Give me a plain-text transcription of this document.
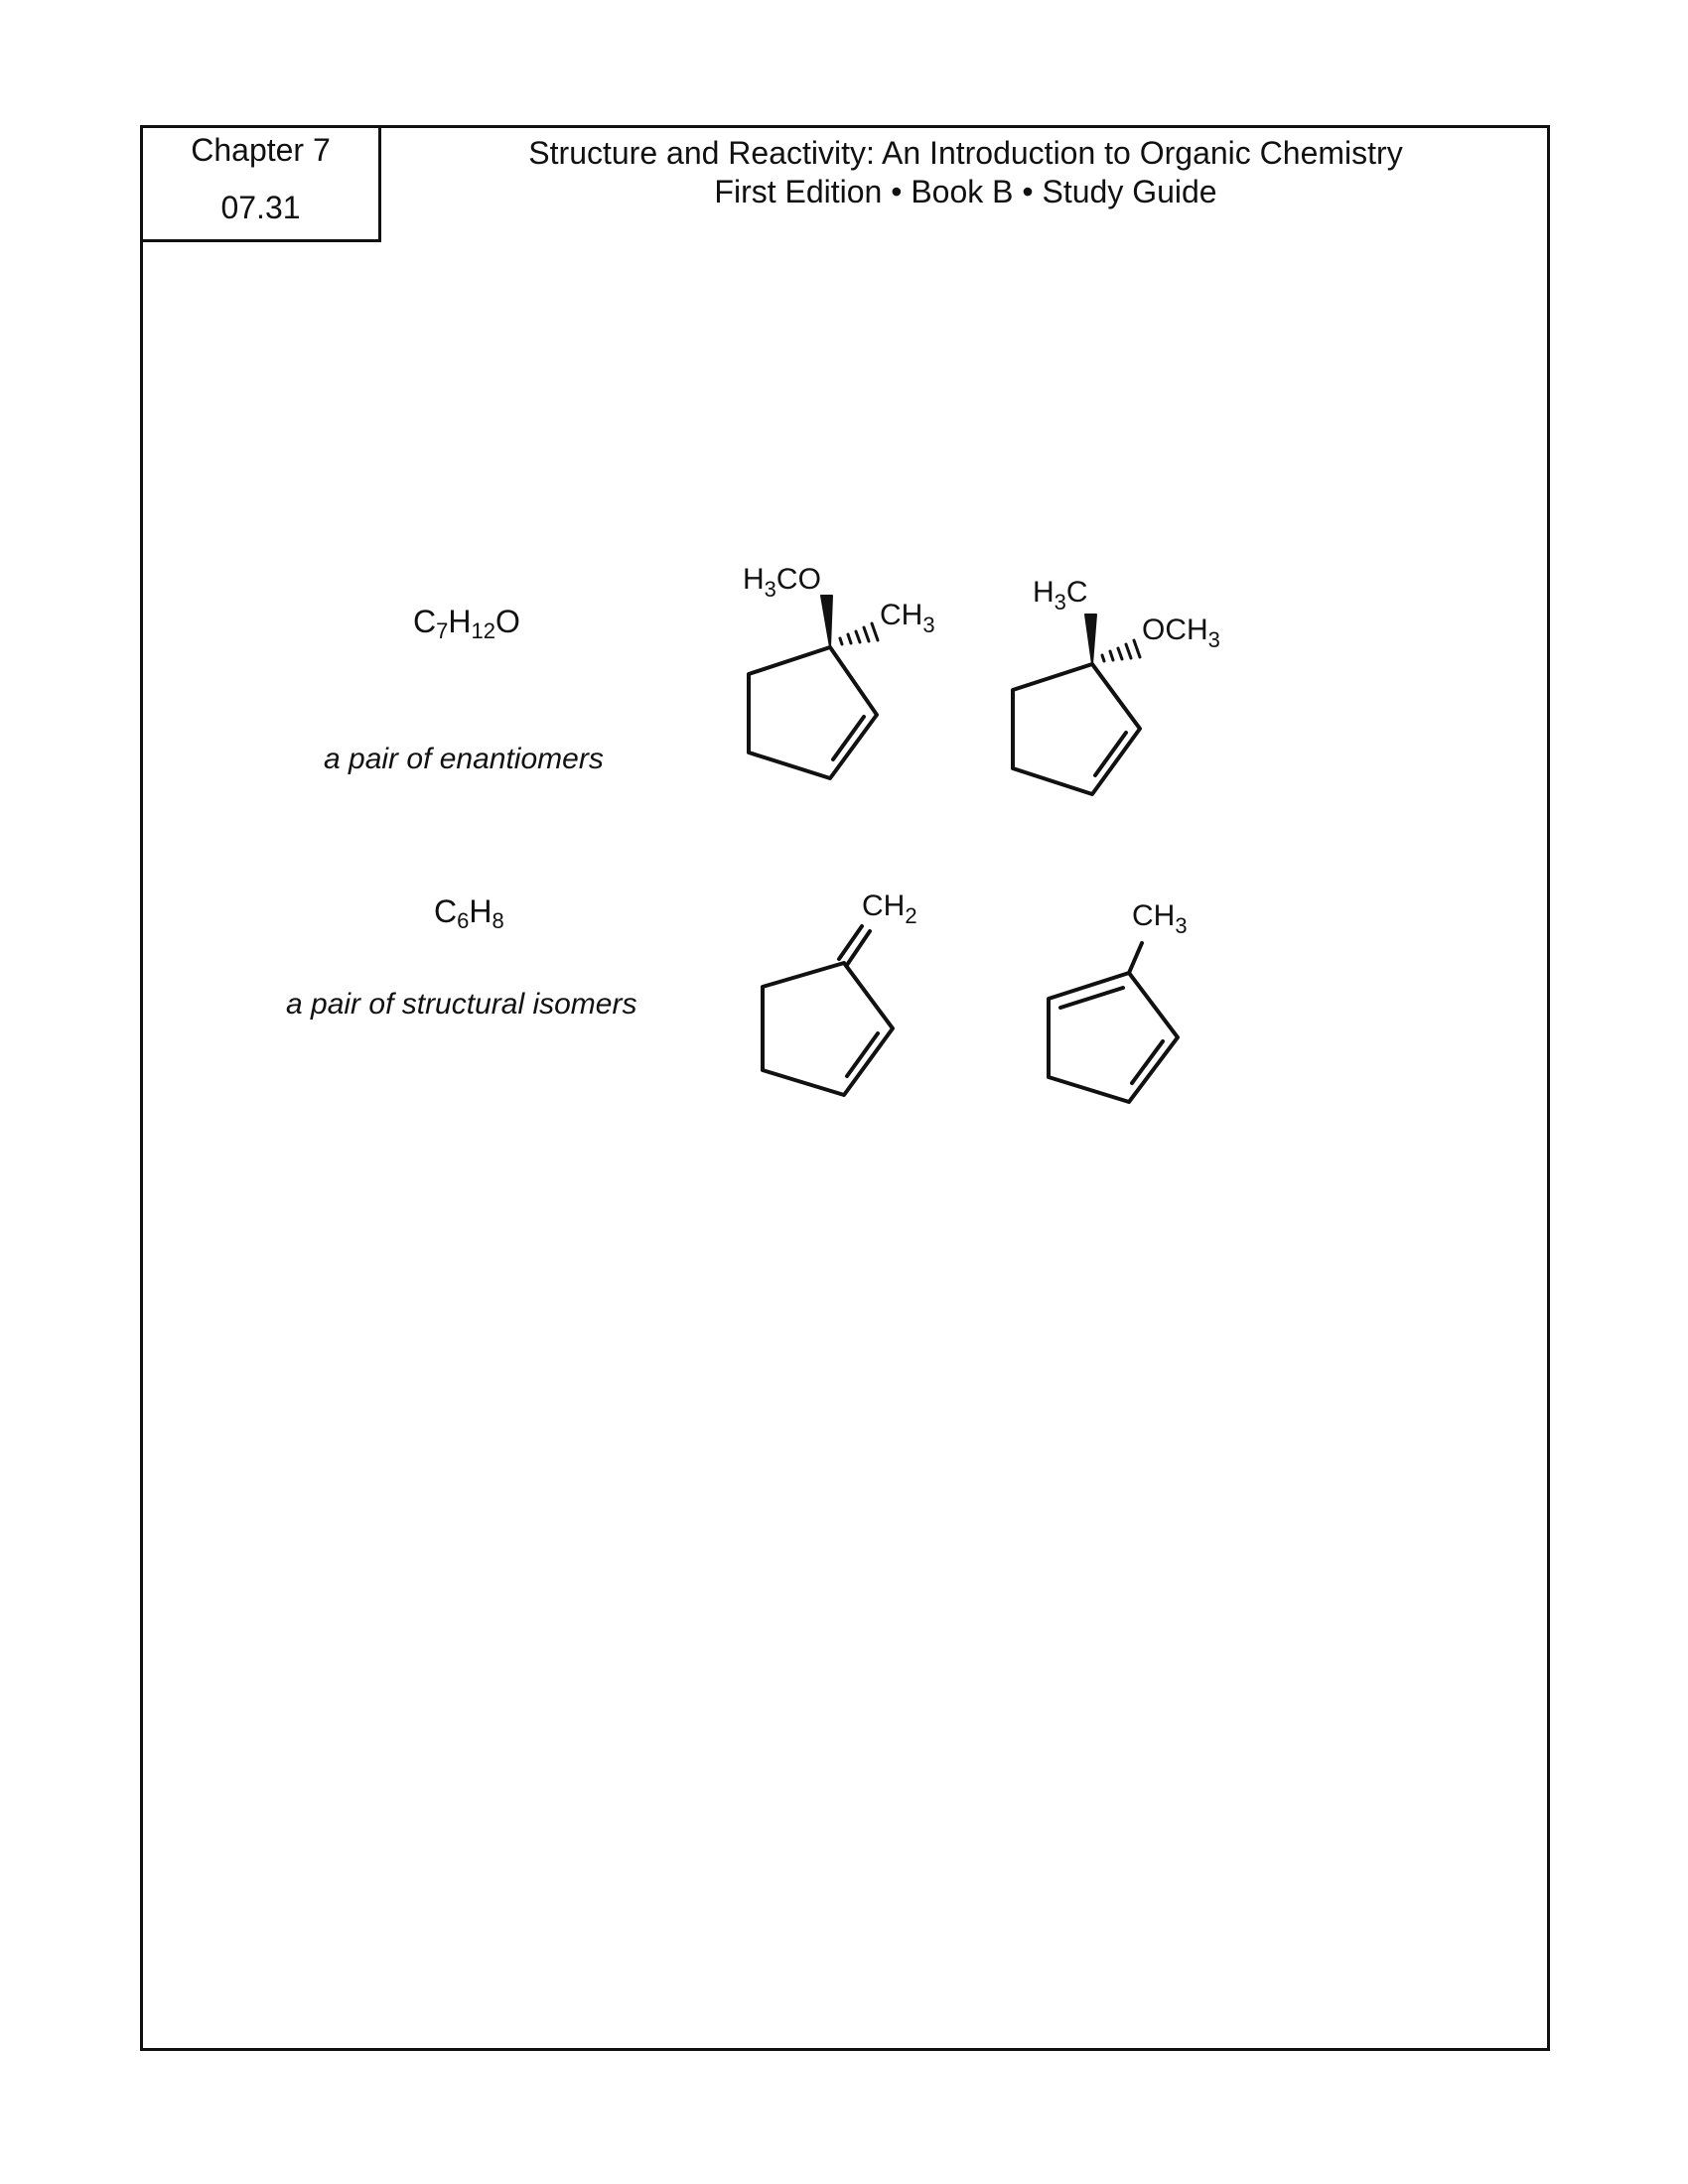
Chapter 7
07.31
Structure and Reactivity: An Introduction to Organic Chemistry
First Edition • Book B • Study Guide
$C_7H_{12}O$
a pair of enantiomers
$C_6H_8$
a pair of structural isomers
$H_3CO$
$CH_3$
$H_3C$
$OCH_3$
$CH_2$	$CH_3$
